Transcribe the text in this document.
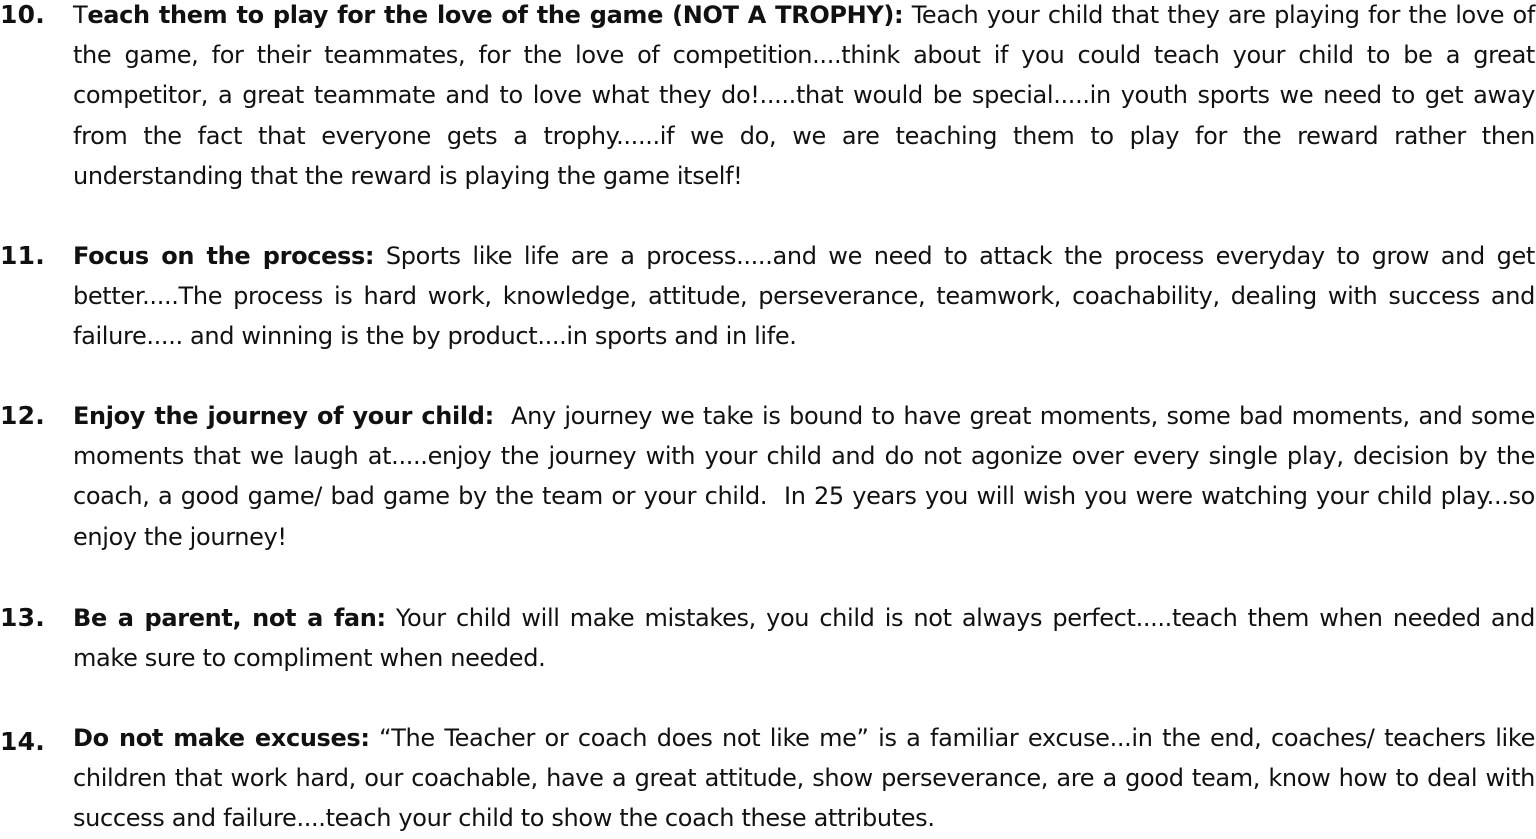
10. Teach them to play for the love of the game (NOT A TROPHY): Teach your child that they are playing for the love of the game, for their teammates, for the love of competition....think about if you could teach your child to be a great competitor, a great teammate and to love what they do!.....that would be special.....in youth sports we need to get away from the fact that everyone gets a trophy......if we do, we are teaching them to play for the reward rather then understanding that the reward is playing the game itself!
11. Focus on the process: Sports like life are a process.....and we need to attack the process everyday to grow and get better.....The process is hard work, knowledge, attitude, perseverance, teamwork, coachability, dealing with success and failure..... and winning is the by product....in sports and in life.
12. Enjoy the journey of your child:  Any journey we take is bound to have great moments, some bad moments, and some moments that we laugh at.....enjoy the journey with your child and do not agonize over every single play, decision by the coach, a good game/ bad game by the team or your child.  In 25 years you will wish you were watching your child play...so enjoy the journey!
13. Be a parent, not a fan: Your child will make mistakes, you child is not always perfect.....teach them when needed and make sure to compliment when needed.
14. Do not make excuses: “The Teacher or coach does not like me” is a familiar excuse...in the end, coaches/ teachers like children that work hard, our coachable, have a great attitude, show perseverance, are a good team, know how to deal with success and failure....teach your child to show the coach these attributes.
